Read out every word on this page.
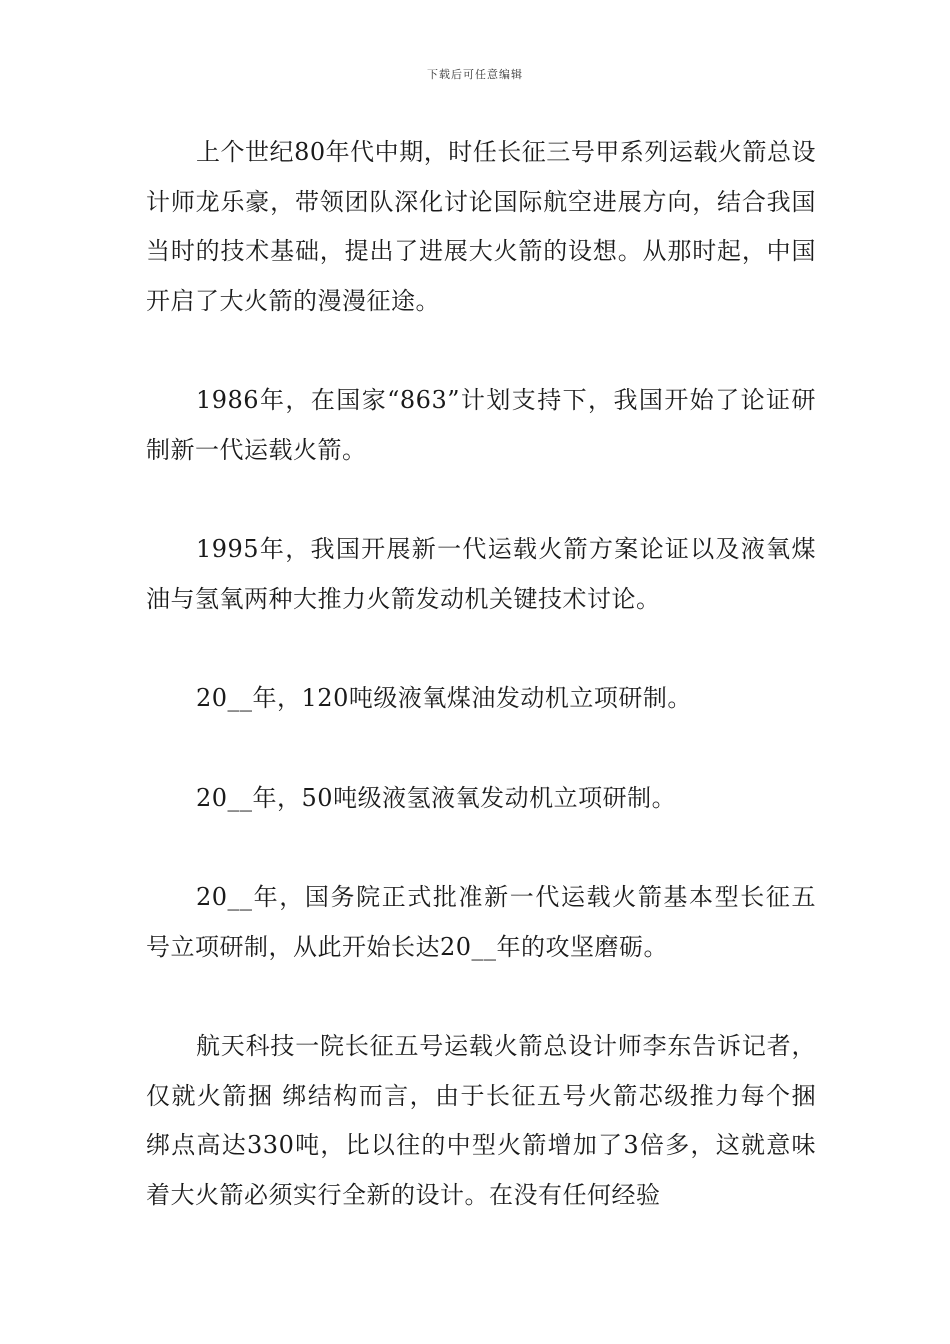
下载后可任意编辑

上个世纪80年代中期，时任长征三号甲系列运载火箭总设计师龙乐豪，带领团队深化讨论国际航空进展方向，结合我国当时的技术基础，提出了进展大火箭的设想。从那时起，中国开启了大火箭的漫漫征途。

1986年，在国家“863”计划支持下，我国开始了论证研制新一代运载火箭。

1995年，我国开展新一代运载火箭方案论证以及液氧煤油与氢氧两种大推力火箭发动机关键技术讨论。

20__年，120吨级液氧煤油发动机立项研制。

20__年，50吨级液氢液氧发动机立项研制。

20__年，国务院正式批准新一代运载火箭基本型长征五号立项研制，从此开始长达20__年的攻坚磨砺。

航天科技一院长征五号运载火箭总设计师李东告诉记者，仅就火箭捆 绑结构而言，由于长征五号火箭芯级推力每个捆 绑点高达330吨，比以往的中型火箭增加了3倍多，这就意味着大火箭必须实行全新的设计。在没有任何经验
